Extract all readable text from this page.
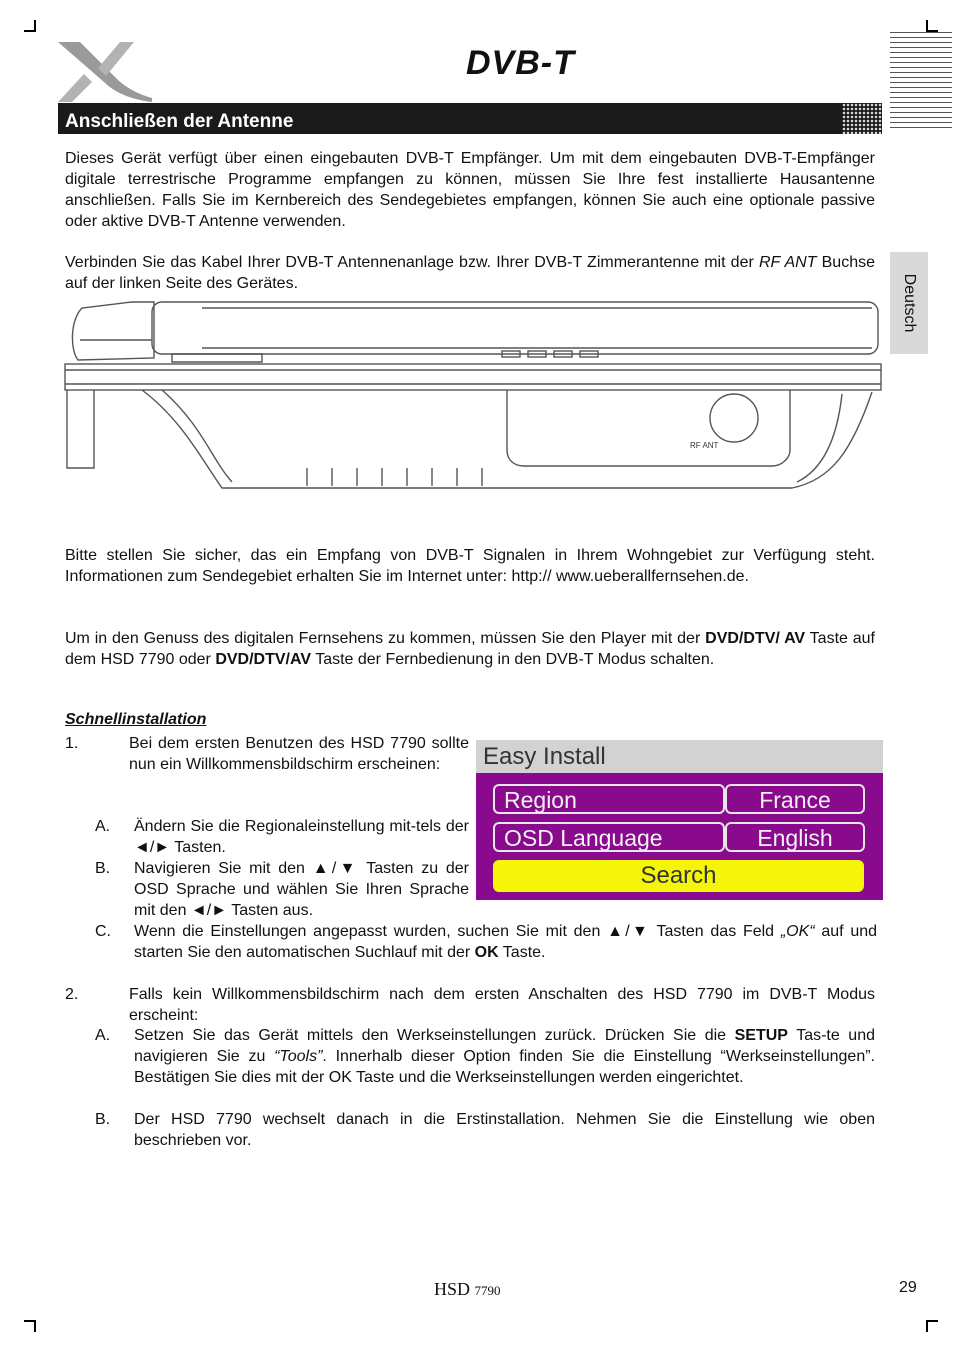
DVB-T
Deutsch
Anschließen der Antenne

Dieses Gerät verfügt über einen eingebauten DVB-T Empfänger. Um mit dem eingebauten DVB-T-Empfänger digitale terrestrische Programme empfangen zu können, müssen Sie Ihre fest installierte Hausantenne anschließen. Falls Sie im Kernbereich des Sendegebietes empfangen, können Sie auch eine optionale passive oder aktive DVB-T Antenne verwenden.

Verbinden Sie das Kabel Ihrer DVB-T Antennenanlage bzw. Ihrer DVB-T Zimmerantenne mit der RF ANT Buchse auf der linken Seite des Gerätes.

RF ANT

Bitte stellen Sie sicher, das ein Empfang von DVB-T Signalen in Ihrem Wohngebiet zur Verfügung steht. Informationen zum Sendegebiet erhalten Sie im Internet unter: http:// www.ueberallfernsehen.de.

Um in den Genuss des digitalen Fernsehens zu kommen, müssen Sie den Player mit der DVD/DTV/ AV Taste auf dem HSD 7790 oder DVD/DTV/AV Taste der Fernbedienung in den DVB-T Modus schalten.

Schnellinstallation
1.	Bei dem ersten Benutzen des HSD 7790 sollte nun ein Willkommensbildschirm erscheinen:

A. Ändern Sie die Regionaleinstellung mit-tels der ◄/► Tasten.

B. Navigieren Sie mit den ▲/▼ Tasten zu der OSD Sprache und wählen Sie Ihren Sprache mit den ◄/► Tasten aus.

C. Wenn die Einstellungen angepasst wurden, suchen Sie mit den ▲/▼ Tasten das Feld „OK“ auf und starten Sie den automatischen Suchlauf mit der OK Taste.

Easy Install
Region	France
OSD Language	English
Search
2.	Falls kein Willkommensbildschirm nach dem ersten Anschalten des HSD 7790 im DVB-T Modus erscheint:

A. Setzen Sie das Gerät mittels den Werkseinstellungen zurück. Drücken Sie die SETUP Tas-te und navigieren Sie zu “Tools”. Innerhalb dieser Option finden Sie die Einstellung “Werkseinstellungen”. Bestätigen Sie dies mit der OK Taste und die Werkseinstellungen werden eingerichtet.

B. Der HSD 7790 wechselt danach in die Erstinstallation. Nehmen Sie die Einstellung wie oben beschrieben vor.

HSD 7790	29
